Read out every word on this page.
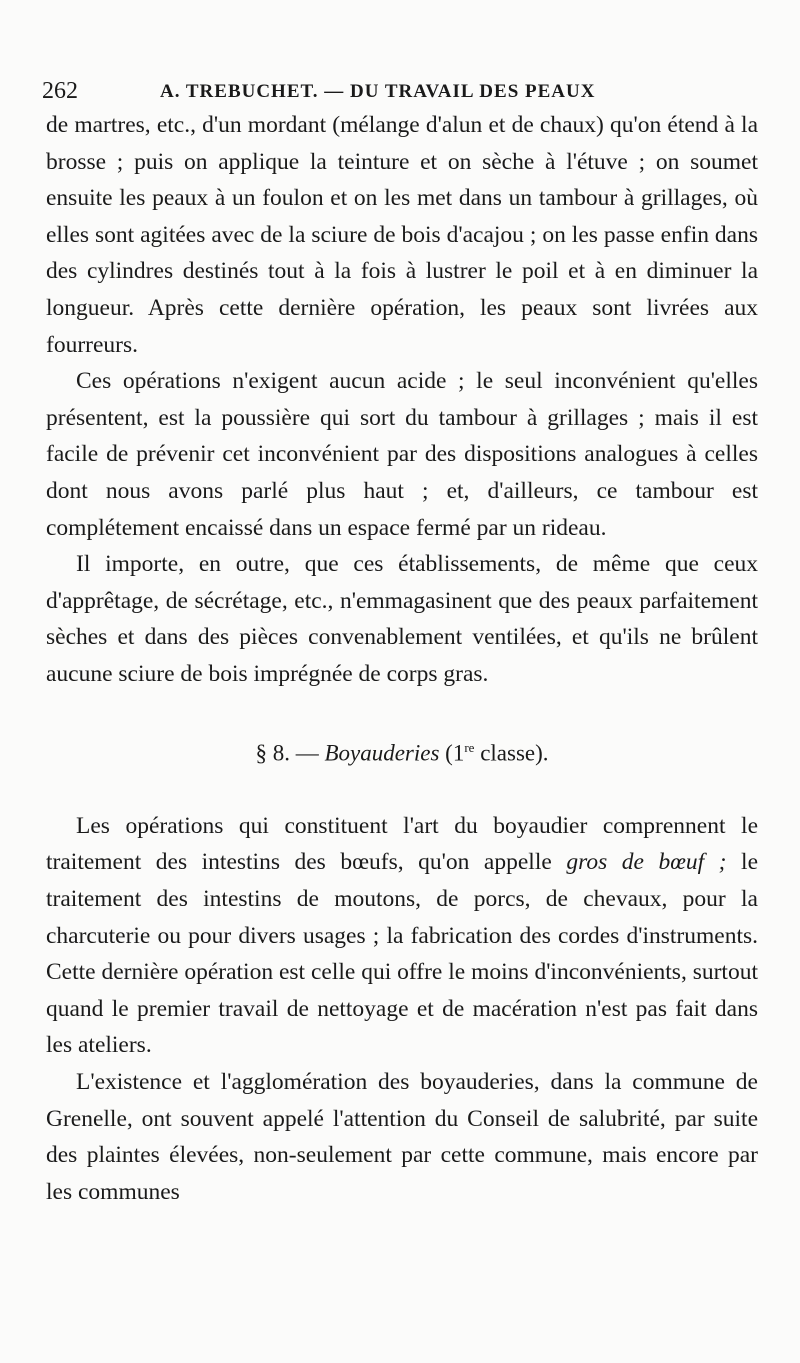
262	A. TREBUCHET. — DU TRAVAIL DES PEAUX

de martres, etc., d'un mordant (mélange d'alun et de chaux) qu'on étend à la brosse ; puis on applique la teinture et on sèche à l'étuve ; on soumet ensuite les peaux à un foulon et on les met dans un tambour à grillages, où elles sont agitées avec de la sciure de bois d'acajou ; on les passe enfin dans des cylindres destinés tout à la fois à lustrer le poil et à en diminuer la longueur. Après cette dernière opération, les peaux sont livrées aux fourreurs.

Ces opérations n'exigent aucun acide ; le seul inconvénient qu'elles présentent, est la poussière qui sort du tambour à grillages ; mais il est facile de prévenir cet inconvénient par des dispositions analogues à celles dont nous avons parlé plus haut ; et, d'ailleurs, ce tambour est complétement encaissé dans un espace fermé par un rideau.

Il importe, en outre, que ces établissements, de même que ceux d'apprêtage, de sécrétage, etc., n'emmagasinent que des peaux parfaitement sèches et dans des pièces convenablement ventilées, et qu'ils ne brûlent aucune sciure de bois imprégnée de corps gras.

§ 8. — Boyauderies (1re classe).

Les opérations qui constituent l'art du boyaudier comprennent le traitement des intestins des bœufs, qu'on appelle gros de bœuf ; le traitement des intestins de moutons, de porcs, de chevaux, pour la charcuterie ou pour divers usages ; la fabrication des cordes d'instruments. Cette dernière opération est celle qui offre le moins d'inconvénients, surtout quand le premier travail de nettoyage et de macération n'est pas fait dans les ateliers.

L'existence et l'agglomération des boyauderies, dans la commune de Grenelle, ont souvent appelé l'attention du Conseil de salubrité, par suite des plaintes élevées, non-seulement par cette commune, mais encore par les communes
